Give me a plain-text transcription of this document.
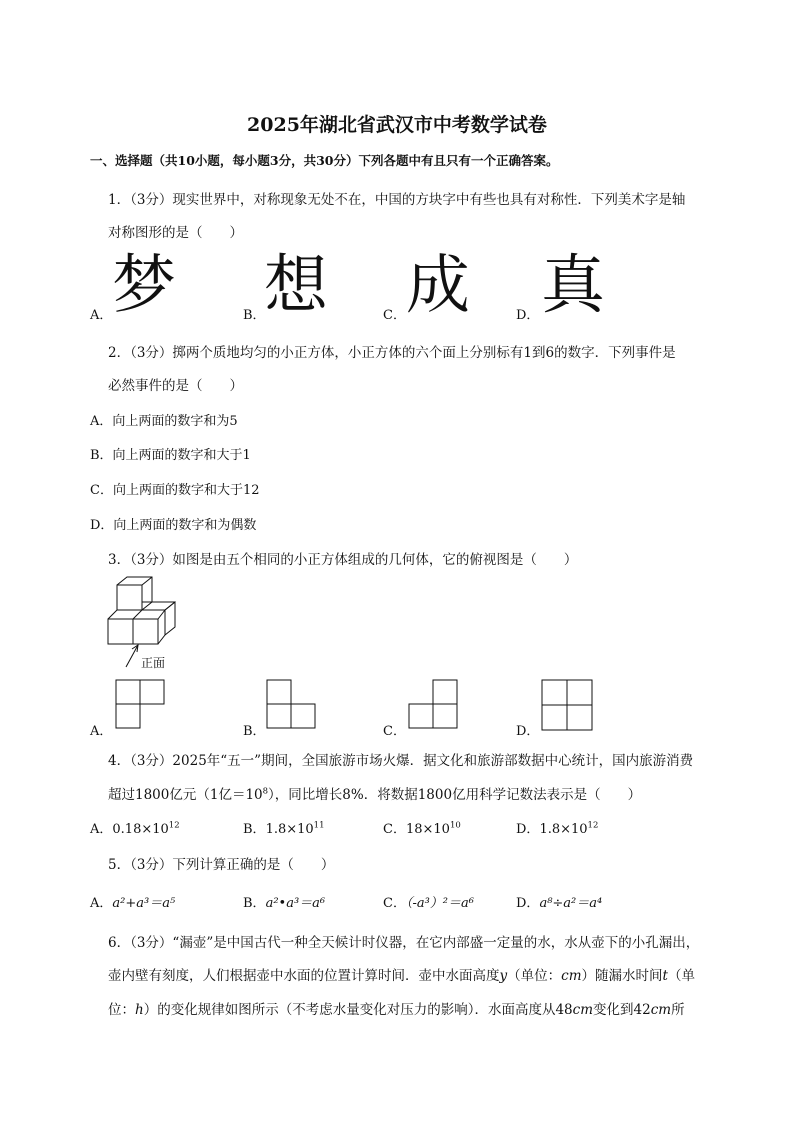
2025年湖北省武汉市中考数学试卷
一、选择题（共10小题，每小题3分，共30分）下列各题中有且只有一个正确答案。
1．（3分）现实世界中，对称现象无处不在，中国的方块字中有些也具有对称性．下列美术字是轴
对称图形的是（　　）
A． 梦	B．
想	C． 成	D． 真
2．（3分）掷两个质地均匀的小正方体，小正方体的六个面上分别标有1到6的数字．下列事件是
必然事件的是（　　）
A．向上两面的数字和为5
B．向上两面的数字和大于1
C．向上两面的数字和大于12
D．向上两面的数字和为偶数
3．（3分）如图是由五个相同的小正方体组成的几何体，它的俯视图是（　　）
正面
A．	B．	C．	D．
4．（3分）2025年“五一”期间，全国旅游市场火爆．据文化和旅游部数据中心统计，国内旅游消费
超过1800亿元（1亿$=10^8$），同比增长8%．将数据1800亿用科学记数法表示是（　　）
A．$0.18\times 10^{12}$	B．$1.8\times 10^{11}$	C．$18\times 10^{10}$	D．$1.8\times 10^{12}$
5．（3分）下列计算正确的是（　　）
A．a²+a³＝a⁵	B．a²•a³＝a⁶	C．（-a³）²＝a⁶	D．a⁸÷a²＝a⁴
6．（3分）“漏壶”是中国古代一种全天候计时仪器，在它内部盛一定量的水，水从壶下的小孔漏出，
壶内壁有刻度，人们根据壶中水面的位置计算时间．壶中水面高度y（单位：cm）随漏水时间t（单
位：h）的变化规律如图所示（不考虑水量变化对压力的影响）．水面高度从48cm变化到42cm所
